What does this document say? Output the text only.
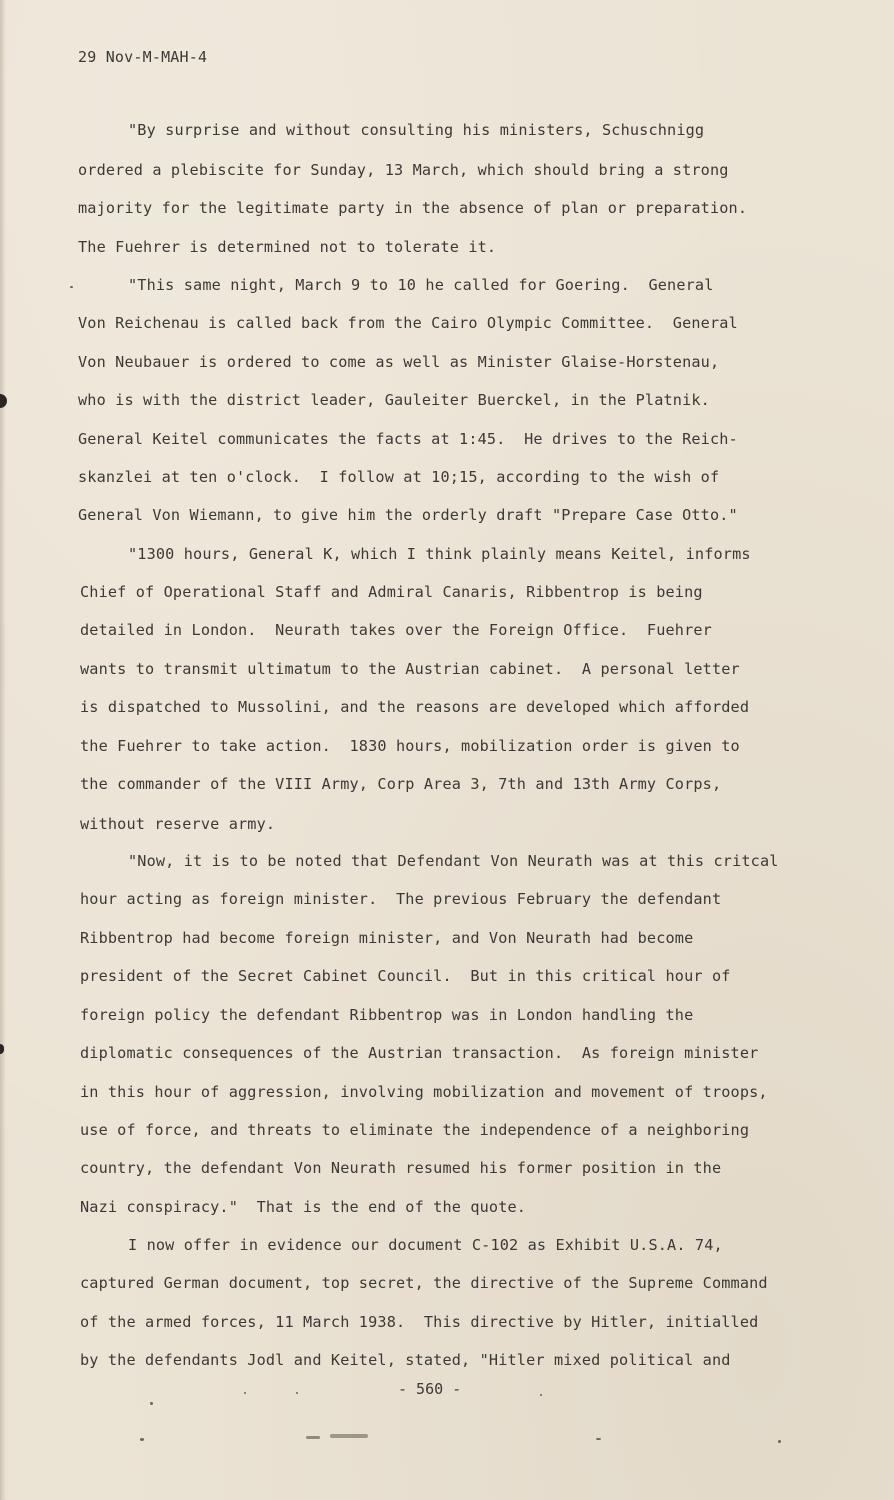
29 Nov-M-MAH-4
"By surprise and without consulting his ministers, Schuschnigg
ordered a plebiscite for Sunday, 13 March, which should bring a strong
majority for the legitimate party in the absence of plan or preparation.
The Fuehrer is determined not to tolerate it.
"This same night, March 9 to 10 he called for Goering.  General
Von Reichenau is called back from the Cairo Olympic Committee.  General
Von Neubauer is ordered to come as well as Minister Glaise-Horstenau,
who is with the district leader, Gauleiter Buerckel, in the Platnik.
General Keitel communicates the facts at 1:45.  He drives to the Reich-
skanzlei at ten o'clock.  I follow at 10;15, according to the wish of
General Von Wiemann, to give him the orderly draft "Prepare Case Otto."
"1300 hours, General K, which I think plainly means Keitel, informs
Chief of Operational Staff and Admiral Canaris, Ribbentrop is being
detailed in London.  Neurath takes over the Foreign Office.  Fuehrer
wants to transmit ultimatum to the Austrian cabinet.  A personal letter
is dispatched to Mussolini, and the reasons are developed which afforded
the Fuehrer to take action.  1830 hours, mobilization order is given to
the commander of the VIII Army, Corp Area 3, 7th and 13th Army Corps,
without reserve army.
"Now, it is to be noted that Defendant Von Neurath was at this critcal
hour acting as foreign minister.  The previous February the defendant
Ribbentrop had become foreign minister, and Von Neurath had become
president of the Secret Cabinet Council.  But in this critical hour of
foreign policy the defendant Ribbentrop was in London handling the
diplomatic consequences of the Austrian transaction.  As foreign minister
in this hour of aggression, involving mobilization and movement of troops,
use of force, and threats to eliminate the independence of a neighboring
country, the defendant Von Neurath resumed his former position in the
Nazi conspiracy."  That is the end of the quote.
I now offer in evidence our document C-102 as Exhibit U.S.A. 74,
captured German document, top secret, the directive of the Supreme Command
of the armed forces, 11 March 1938.  This directive by Hitler, initialled
by the defendants Jodl and Keitel, stated, "Hitler mixed political and
- 560 -
